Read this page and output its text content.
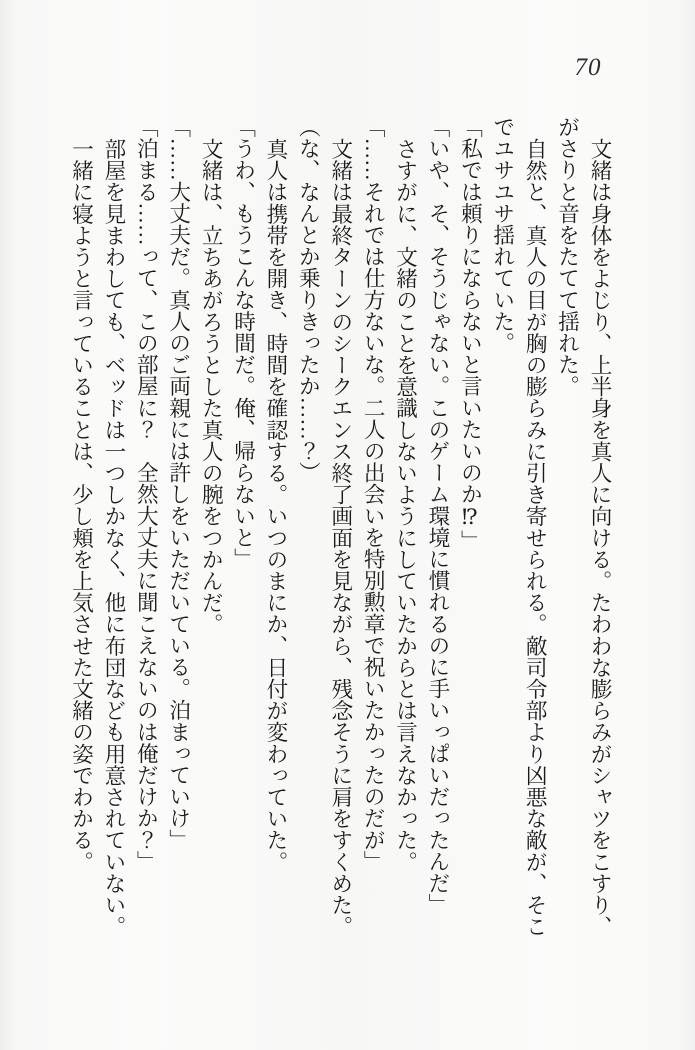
70

文緒は身体をよじり、上半身を真人に向ける。たわわな膨らみがシャツをこすり、がさりと音をたてて揺れた。

自然と、真人の目が胸の膨らみに引き寄せられる。敵司令部より凶悪な敵が、そこでユサユサ揺れていた。

「私では頼りにならないと言いたいのか⁉」

「いや、そ、そうじゃない。このゲーム環境に慣れるのに手いっぱいだったんだ」

さすがに、文緒のことを意識しないようにしていたからとは言えなかった。

「……それでは仕方ないな。二人の出会いを特別勲章で祝いたかったのだが」

文緒は最終ターンのシークエンス終了画面を見ながら、残念そうに肩をすくめた。

（な、なんとか乗りきったか……？）

真人は携帯を開き、時間を確認する。いつのまにか、日付が変わっていた。

「うわ、もうこんな時間だ。俺、帰らないと」

文緒は、立ちあがろうとした真人の腕をつかんだ。

「……大丈夫だ。真人のご両親には許しをいただいている。泊まっていけ」

「泊まる……って、この部屋に？　全然大丈夫に聞こえないのは俺だけか？」

部屋を見まわしても、ベッドは一つしかなく、他に布団なども用意されていない。

一緒に寝ようと言っていることは、少し頬を上気させた文緒の姿でわかる。
